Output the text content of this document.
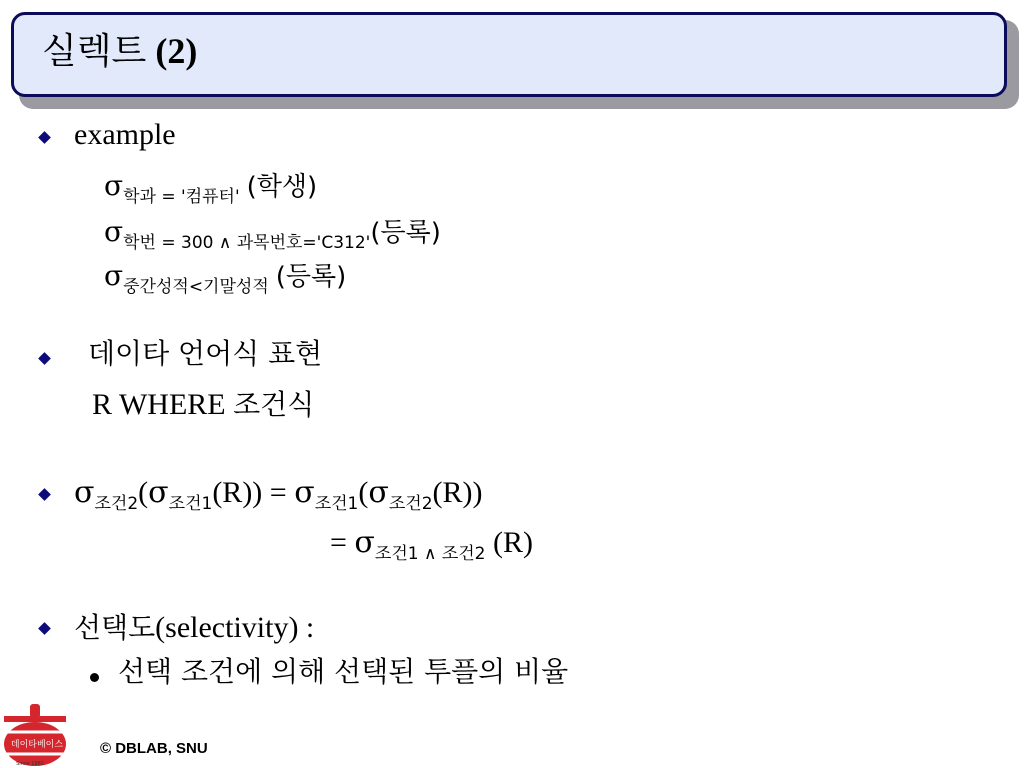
실렉트 (2)
example
$\sigma_{학과 = '컴퓨터'}$ (학생)
$\sigma_{학번 = 300 \wedge}$ $_{과목번호='C312'}$(등록)
$\sigma_{중간성적<기말성적}$ (등록)
데이타 언어식 표현
R WHERE 조건식
$\sigma_{조건2}(\sigma_{조건1}(R)) = \sigma_{조건1}(\sigma_{조건2}(R))$
= $\sigma_{조건1 \wedge}$ $_{조건2}$ (R)
선택도(selectivity) :
선택 조건에 의해 선택된 투플의 비율
데이타베이스
Since 1982
© DBLAB, SNU
